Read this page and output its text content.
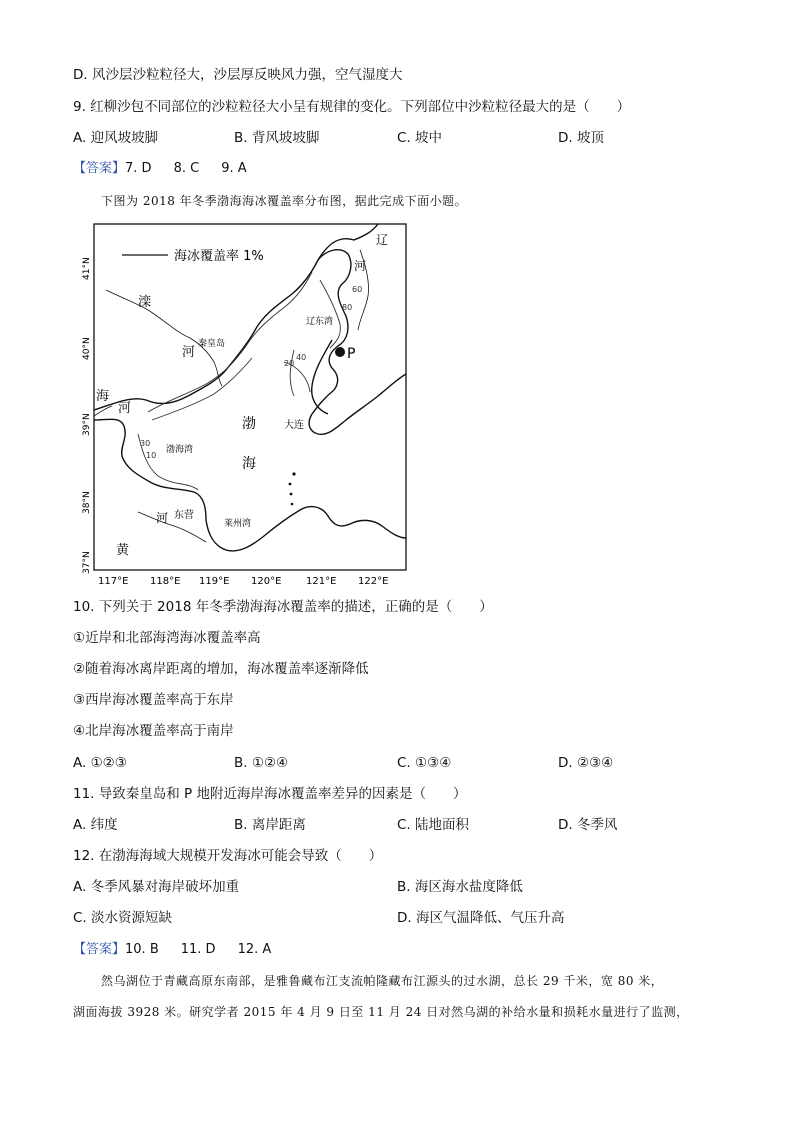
D. 风沙层沙粒粒径大，沙层厚反映风力强，空气湿度大
9. 红柳沙包不同部位的沙粒粒径大小呈有规律的变化。下列部位中沙粒粒径最大的是（　　）
A. 迎风坡坡脚	B. 背风坡坡脚	C. 坡中	D. 坡顶
【答案】7. D 8. C 9. A
下图为 2018 年冬季渤海海冰覆盖率分布图，据此完成下面小题。
海冰覆盖率 1%
辽
河
滦
河
秦皇岛
辽东湾
海
河
渤
海
大连
渤海湾
黄
河 东营
莱州湾
P
80
60
20
40
10
30
41°N
40°N
39°N
38°N
37°N
117°E 118°E 119°E 120°E 121°E 122°E
10. 下列关于 2018 年冬季渤海海冰覆盖率的描述，正确的是（　　）
①近岸和北部海湾海冰覆盖率高
②随着海冰离岸距离的增加，海冰覆盖率逐渐降低
③西岸海冰覆盖率高于东岸
④北岸海冰覆盖率高于南岸
A. ①②③	B. ①②④	C. ①③④	D. ②③④
11. 导致秦皇岛和 P 地附近海岸海冰覆盖率差异的因素是（　　）
A. 纬度	B. 离岸距离	C. 陆地面积	D. 冬季风
12. 在渤海海域大规模开发海冰可能会导致（　　）
A. 冬季风暴对海岸破坏加重	B. 海区海水盐度降低
C. 淡水资源短缺	D. 海区气温降低、气压升高
【答案】10. B 11. D 12. A
然乌湖位于青藏高原东南部，是雅鲁藏布江支流帕隆藏布江源头的过水湖，总长 29 千米，宽 80 米，
湖面海拔 3928 米。研究学者 2015 年 4 月 9 日至 11 月 24 日对然乌湖的补给水量和损耗水量进行了监测，
